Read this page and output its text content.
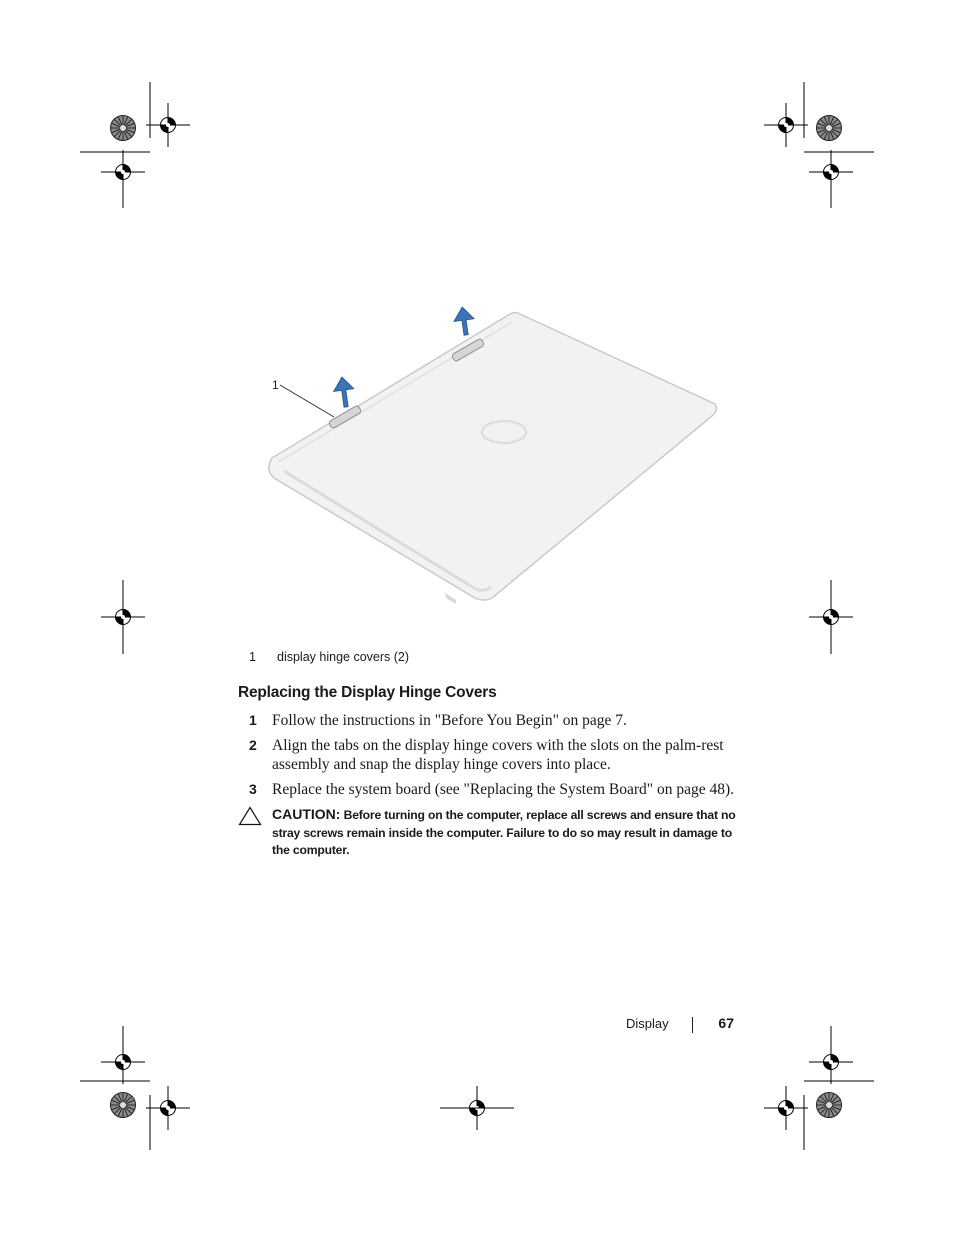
1
1 display hinge covers (2)
Replacing the Display Hinge Covers
1 Follow the instructions in "Before You Begin" on page 7.
2 Align the tabs on the display hinge covers with the slots on the palm-rest assembly and snap the display hinge covers into place.
3 Replace the system board (see "Replacing the System Board" on page 48).
CAUTION: Before turning on the computer, replace all screws and ensure that no stray screws remain inside the computer. Failure to do so may result in damage to the computer.
Display	67
